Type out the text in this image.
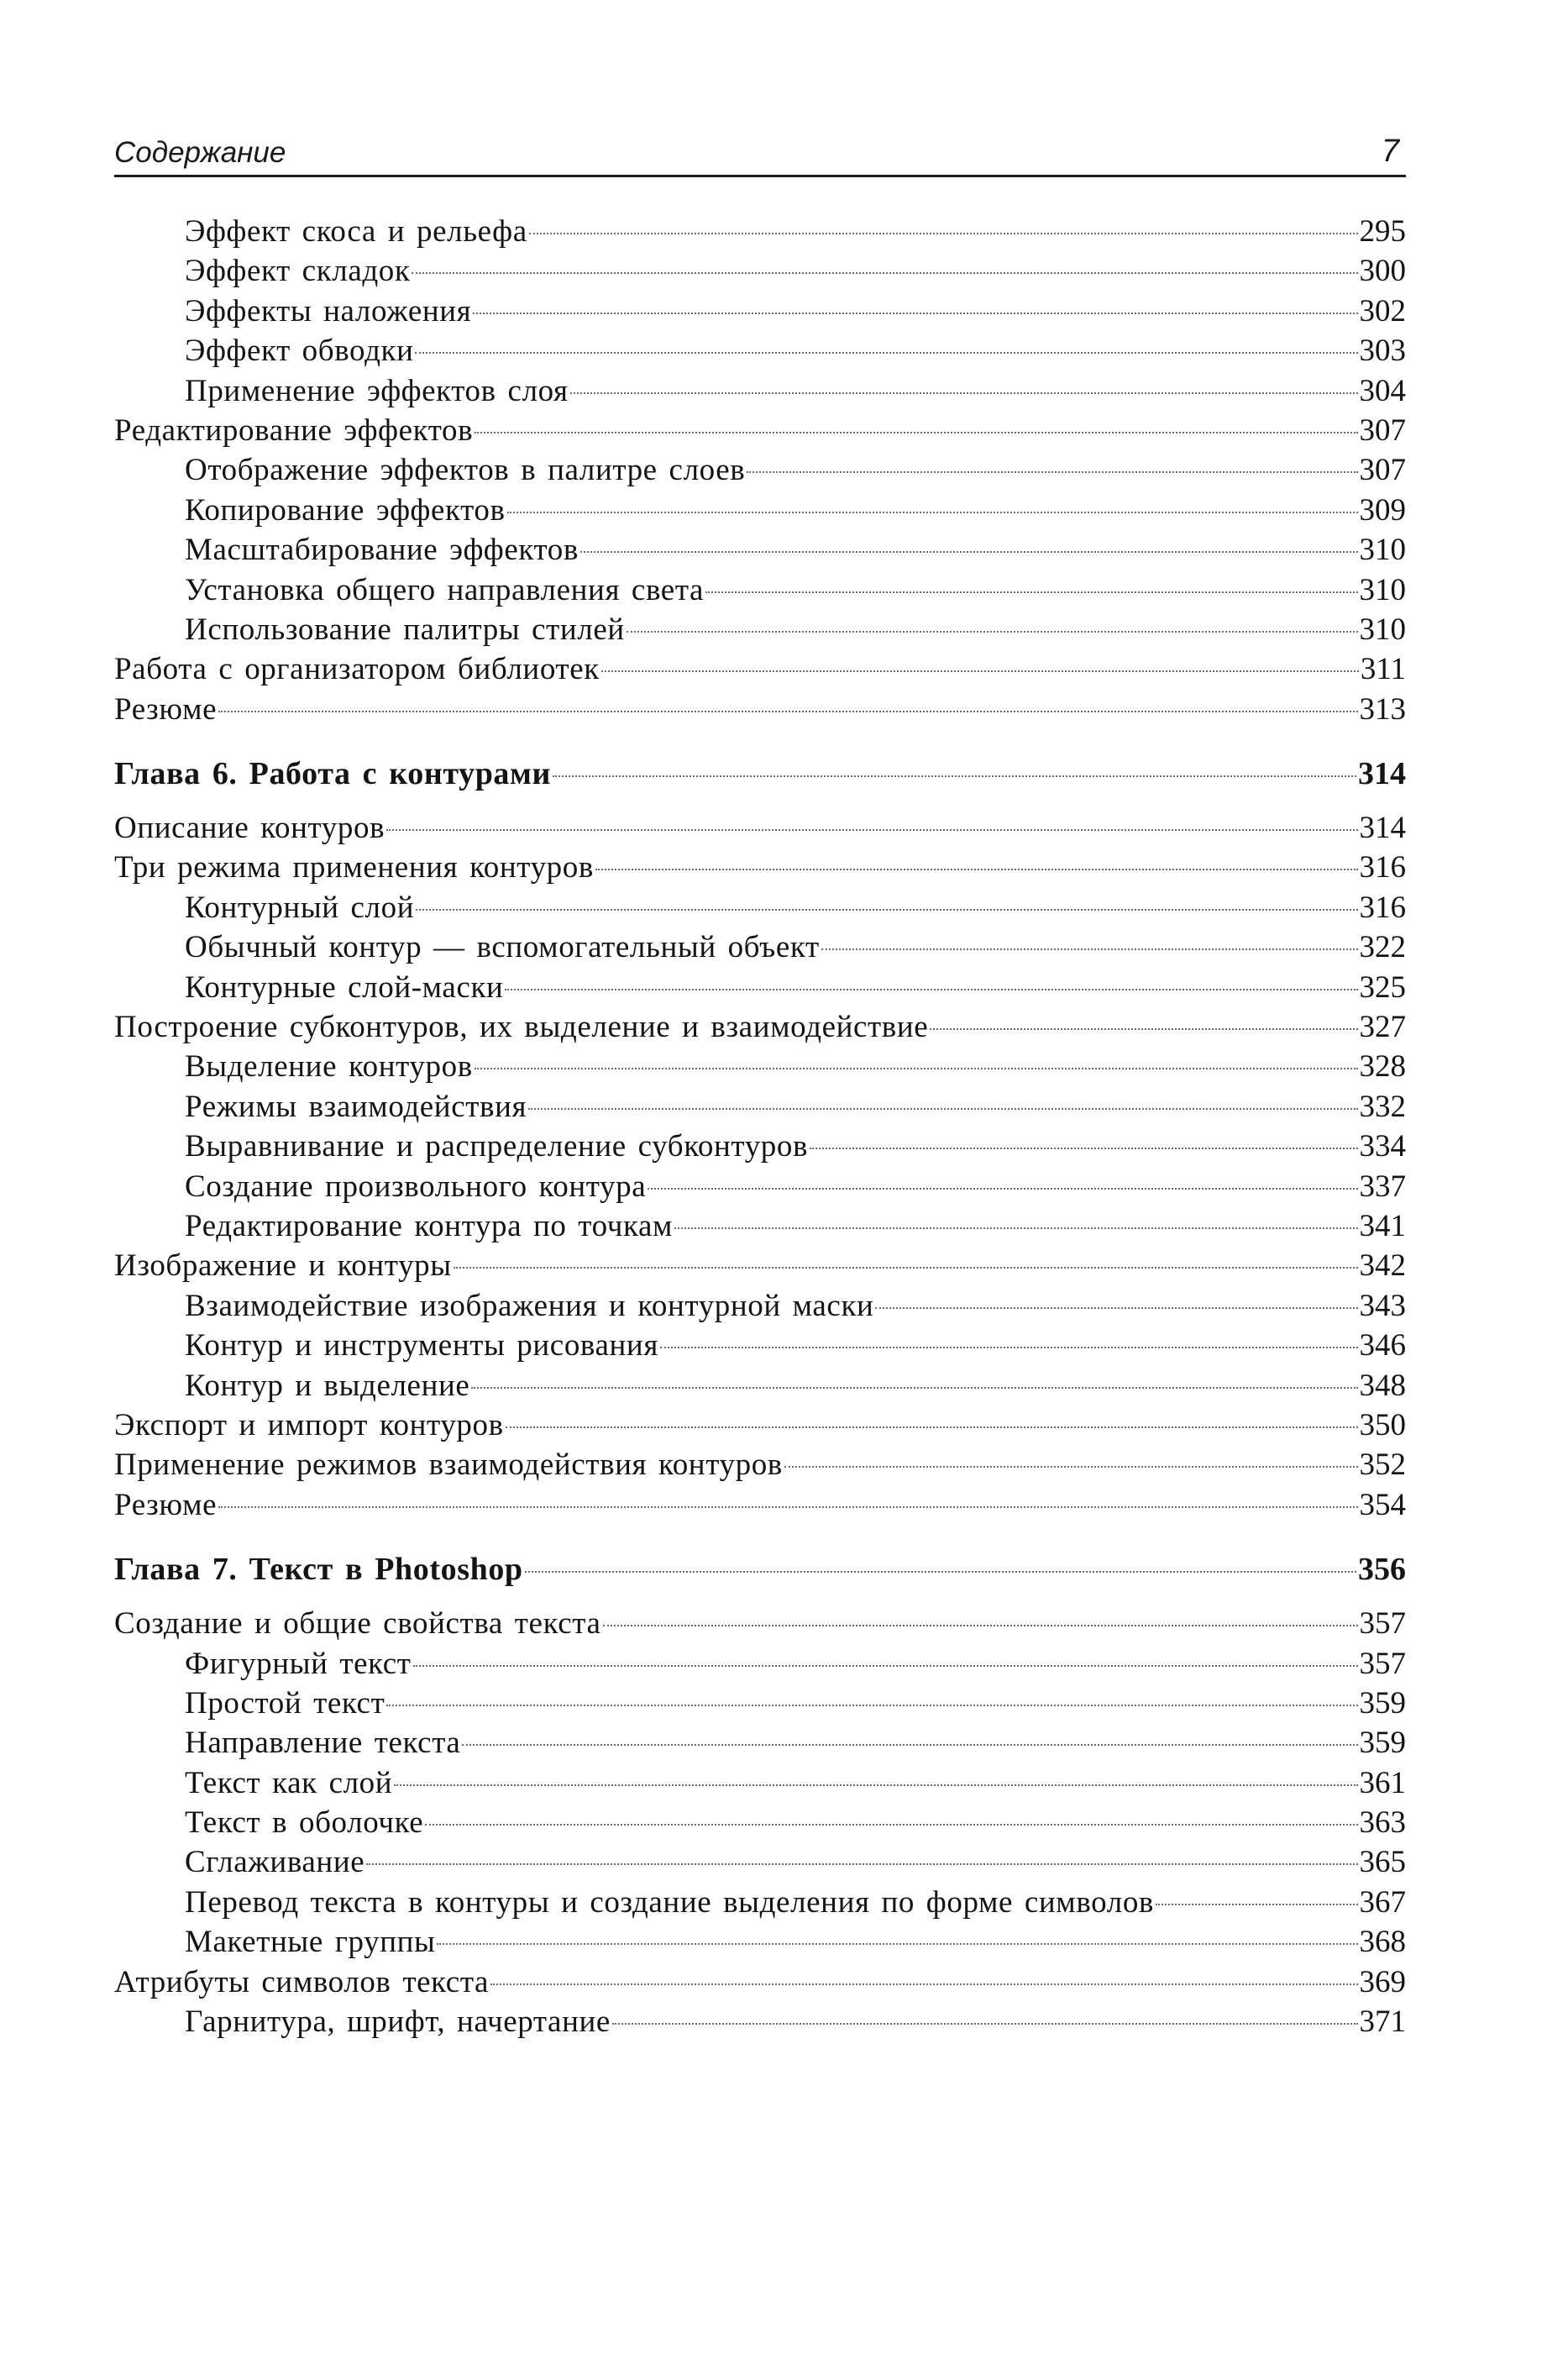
Содержание	7
Эффект скоса и рельефа	295
Эффект складок	300
Эффекты наложения	302
Эффект обводки	303
Применение эффектов слоя	304
Редактирование эффектов	307
Отображение эффектов в палитре слоев	307
Копирование эффектов	309
Масштабирование эффектов	310
Установка общего направления света	310
Использование палитры стилей	310
Работа с организатором библиотек	311
Резюме	313
Глава 6. Работа с контурами	314
Описание контуров	314
Три режима применения контуров	316
Контурный слой	316
Обычный контур — вспомогательный объект	322
Контурные слой-маски	325
Построение субконтуров, их выделение и взаимодействие	327
Выделение контуров	328
Режимы взаимодействия	332
Выравнивание и распределение субконтуров	334
Создание произвольного контура	337
Редактирование контура по точкам	341
Изображение и контуры	342
Взаимодействие изображения и контурной маски	343
Контур и инструменты рисования	346
Контур и выделение	348
Экспорт и импорт контуров	350
Применение режимов взаимодействия контуров	352
Резюме	354
Глава 7. Текст в Photoshop	356
Создание и общие свойства текста	357
Фигурный текст	357
Простой текст	359
Направление текста	359
Текст как слой	361
Текст в оболочке	363
Сглаживание	365
Перевод текста в контуры и создание выделения по форме символов	367
Макетные группы	368
Атрибуты символов текста	369
Гарнитура, шрифт, начертание	371
